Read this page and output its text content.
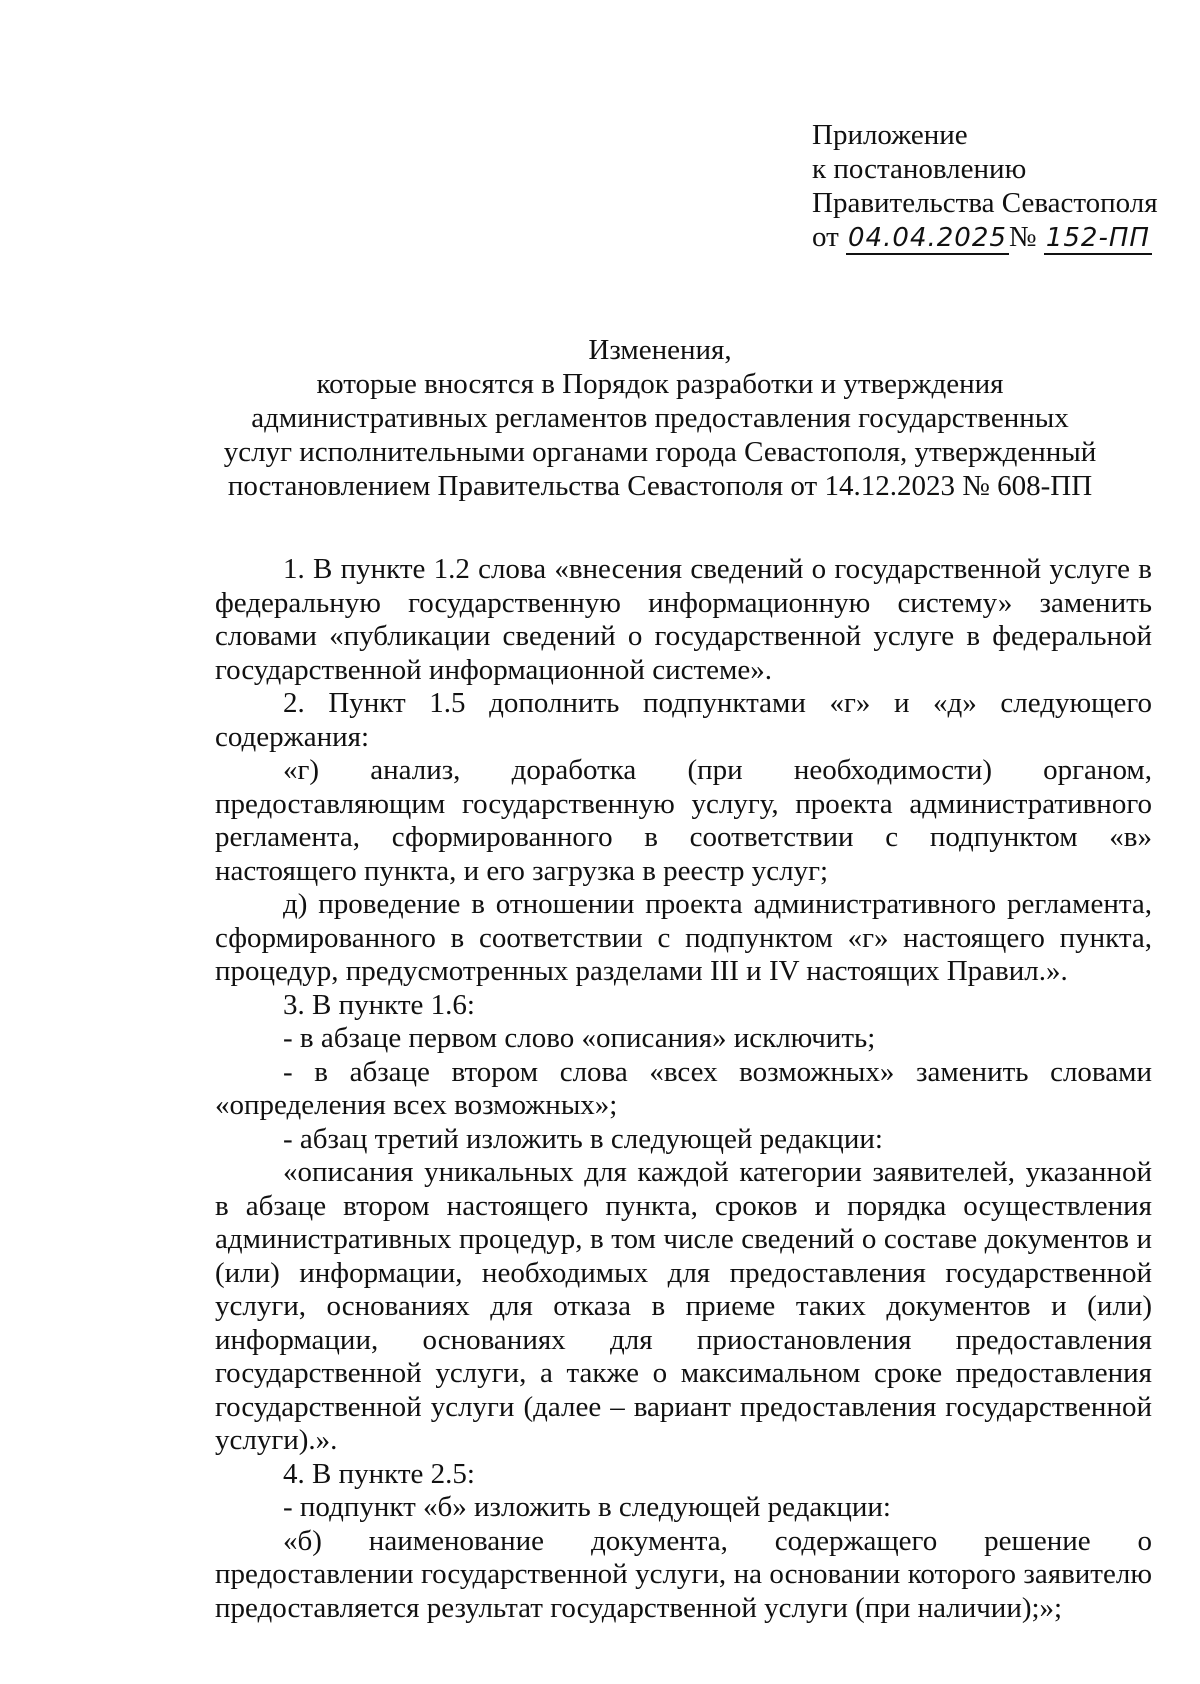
Приложение
к постановлению
Правительства Севастополя
от 04.04.2025№ 152-ПП
Изменения,
которые вносятся в Порядок разработки и утверждения
административных регламентов предоставления государственных
услуг исполнительными органами города Севастополя, утвержденный
постановлением Правительства Севастополя от 14.12.2023 № 608-ПП

1. В пункте 1.2 слова «внесения сведений о государственной услуге в федеральную государственную информационную систему» заменить словами «публикации сведений о государственной услуге в федеральной государственной информационной системе».

2. Пункт 1.5 дополнить подпунктами «г» и «д» следующего содержания:

«г) анализ, доработка (при необходимости) органом, предоставляющим государственную услугу, проекта административного регламента, сформированного в соответствии с подпунктом «в» настоящего пункта, и его загрузка в реестр услуг;

д) проведение в отношении проекта административного регламента, сформированного в соответствии с подпунктом «г» настоящего пункта, процедур, предусмотренных разделами III и IV настоящих Правил.».

3. В пункте 1.6:

- в абзаце первом слово «описания» исключить;

- в абзаце втором слова «всех возможных» заменить словами «определения всех возможных»;

- абзац третий изложить в следующей редакции:

«описания уникальных для каждой категории заявителей, указанной в абзаце втором настоящего пункта, сроков и порядка осуществления административных процедур, в том числе сведений о составе документов и (или) информации, необходимых для предоставления государственной услуги, основаниях для отказа в приеме таких документов и (или) информации, основаниях для приостановления предоставления государственной услуги, а также о максимальном сроке предоставления государственной услуги (далее – вариант предоставления государственной услуги).».

4. В пункте 2.5:

- подпункт «б» изложить в следующей редакции:

«б) наименование документа, содержащего решение о предоставлении государственной услуги, на основании которого заявителю предоставляется результат государственной услуги (при наличии);»;
